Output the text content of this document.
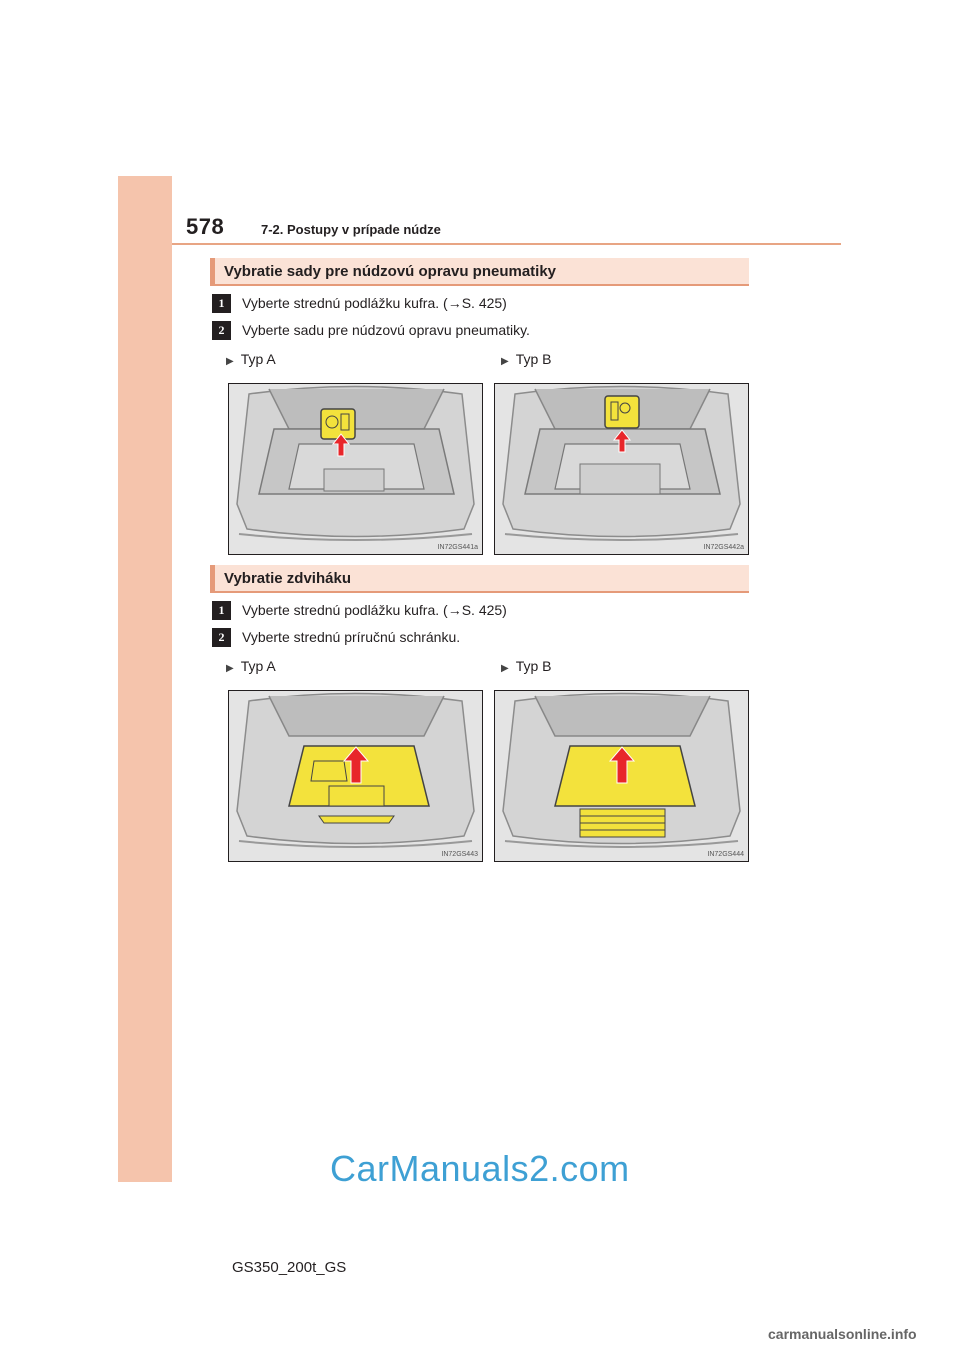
578	7-2. Postupy v prípade núdze
Vybratie sady pre núdzovú opravu pneumatiky
1	Vyberte strednú podlážku kufra. (→S. 425)
2	Vyberte sadu pre núdzovú opravu pneumatiky.
▶ Typ A	▶ Typ B
IN72GS441a	IN72GS442a
Vybratie zdviháku
1	Vyberte strednú podlážku kufra. (→S. 425)
2	Vyberte strednú príručnú schránku.
▶ Typ A	▶ Typ B
IN72GS443	IN72GS444
CarManuals2.com
GS350_200t_GS
carmanualsonline.info
